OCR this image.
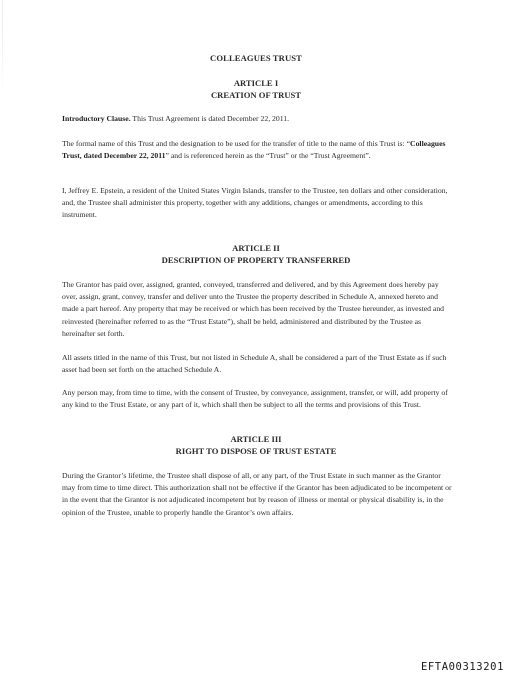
COLLEAGUES TRUST
ARTICLE I
CREATION OF TRUST

Introductory Clause. This Trust Agreement is dated December 22, 2011.

The formal name of this Trust and the designation to be used for the transfer of title to the name of this Trust is: “Colleagues Trust, dated December 22, 2011” and is referenced herein as the “Trust” or the “Trust Agreement”.

I, Jeffrey E. Epstein, a resident of the United States Virgin Islands, transfer to the Trustee, ten dollars and other consideration, and, the Trustee shall administer this property, together with any additions, changes or amendments, according to this instrument.

ARTICLE II
DESCRIPTION OF PROPERTY TRANSFERRED

The Grantor has paid over, assigned, granted, conveyed, transferred and delivered, and by this Agreement does hereby pay over, assign, grant, convey, transfer and deliver unto the Trustee the property described in Schedule A, annexed hereto and made a part hereof. Any property that may be received or which has been received by the Trustee hereunder, as invested and reinvested (hereinafter referred to as the “Trust Estate”), shall be held, administered and distributed by the Trustee as hereinafter set forth.

All assets titled in the name of this Trust, but not listed in Schedule A, shall be considered a part of the Trust Estate as if such asset had been set forth on the attached Schedule A.

Any person may, from time to time, with the consent of Trustee, by conveyance, assignment, transfer, or will, add property of any kind to the Trust Estate, or any part of it, which shall then be subject to all the terms and provisions of this Trust.

ARTICLE III
RIGHT TO DISPOSE OF TRUST ESTATE

During the Grantor’s lifetime, the Trustee shall dispose of all, or any part, of the Trust Estate in such manner as the Grantor may from time to time direct. This authorization shall not be effective if the Grantor has been adjudicated to be incompetent or in the event that the Grantor is not adjudicated incompetent but by reason of illness or mental or physical disability is, in the opinion of the Trustee, unable to properly handle the Grantor’s own affairs.

EFTA00313201
